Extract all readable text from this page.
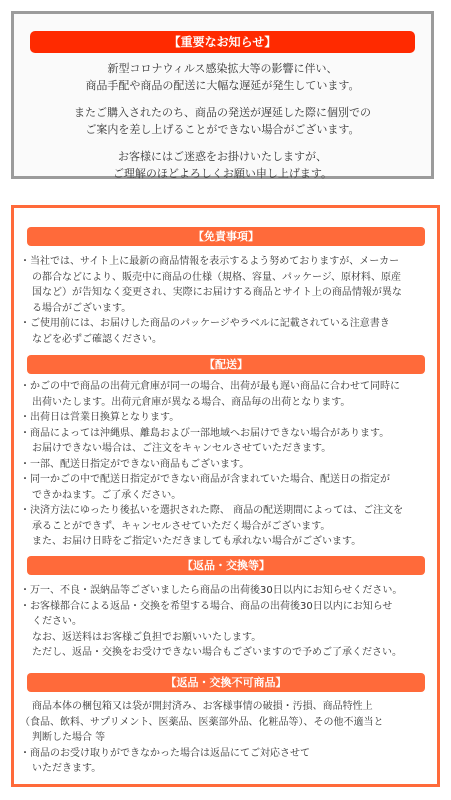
【重要なお知らせ】

新型コロナウィルス感染拡大等の影響に伴い、
商品手配や商品の配送に大幅な遅延が発生しています。

またご購入されたのち、商品の発送が遅延した際に個別での
ご案内を差し上げることができない場合がございます。

お客様にはご迷惑をお掛けいたしますが、
ご理解のほどよろしくお願い申し上げます。

【免責事項】
・ 当社では、サイト上に最新の商品情報を表示するよう努めておりますが、メーカー
の都合などにより、販売中に商品の仕様（規格、容量、パッケージ、原材料、原産
国など）が告知なく変更され、実際にお届けする商品とサイト上の商品情報が異な
る場合がございます。
・ ご使用前には、お届けした商品のパッケージやラベルに記載されている注意書き
などを必ずご確認ください。
【配送】
・ かごの中で商品の出荷元倉庫が同一の場合、出荷が最も遅い商品に合わせて同時に
出荷いたします。出荷元倉庫が異なる場合、商品毎の出荷となります。
・ 出荷日は営業日換算となります。
・ 商品によっては沖縄県、離島および一部地域へお届けできない場合があります。
お届けできない場合は、ご注文をキャンセルさせていただきます。
・ 一部、配送日指定ができない商品もございます。
・ 同一かごの中で配送日指定ができない商品が含まれていた場合、配送日の指定が
できかねます。ご了承ください。
・ 決済方法にゆったり後払いを選択された際、 商品の配送期間によっては、ご注文を
承ることができず、キャンセルさせていただく場合がございます。
また、お届け日時をご指定いただきましても承れない場合がございます。
【返品・交換等】
・ 万一、不良・誤納品等ございましたら商品の出荷後30日以内にお知らせください。
・ お客様都合による返品・交換を希望する場合、商品の出荷後30日以内にお知らせ
ください。
なお、返送料はお客様ご負担でお願いいたします。
ただし、返品・交換をお受けできない場合もございますので予めご了承ください。
【返品・交換不可商品】
商品本体の梱包箱又は袋が開封済み、お客様事情の破損・汚損、商品特性上
（食品、飲料、サプリメント、医薬品、医薬部外品、化粧品等）、その他不適当と
判断した場合 等
・ 商品のお受け取りができなかった場合は返品にてご対応させて
いただきます。
